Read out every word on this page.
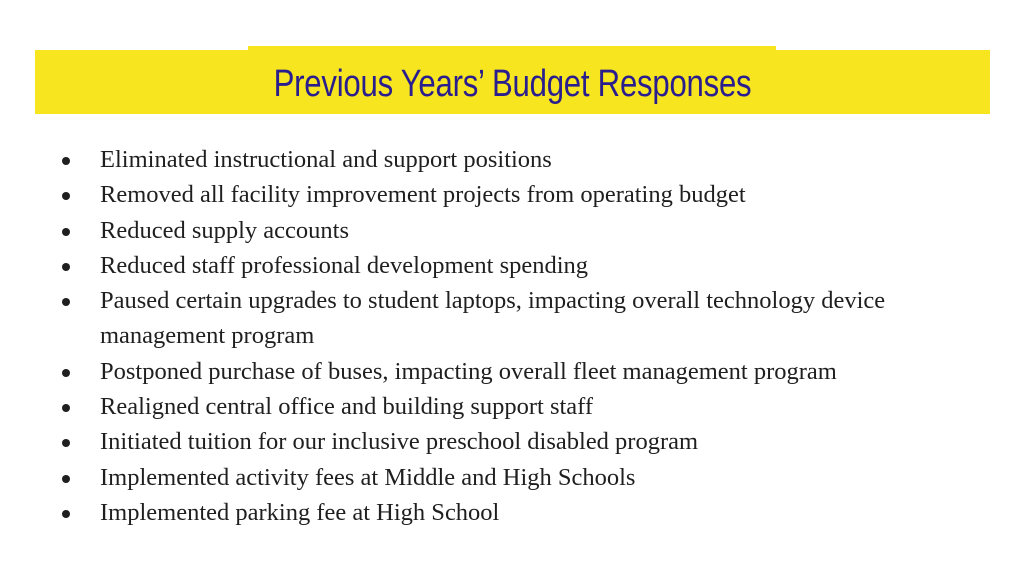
Previous Years’ Budget Responses
Eliminated instructional and support positions
Removed all facility improvement projects from operating budget
Reduced supply accounts
Reduced staff professional development spending
Paused certain upgrades to student laptops, impacting overall technology device management program
Postponed purchase of buses, impacting overall fleet management program
Realigned central office and building support staff
Initiated tuition for our inclusive preschool disabled program
Implemented activity fees at Middle and High Schools
Implemented parking fee at High School
